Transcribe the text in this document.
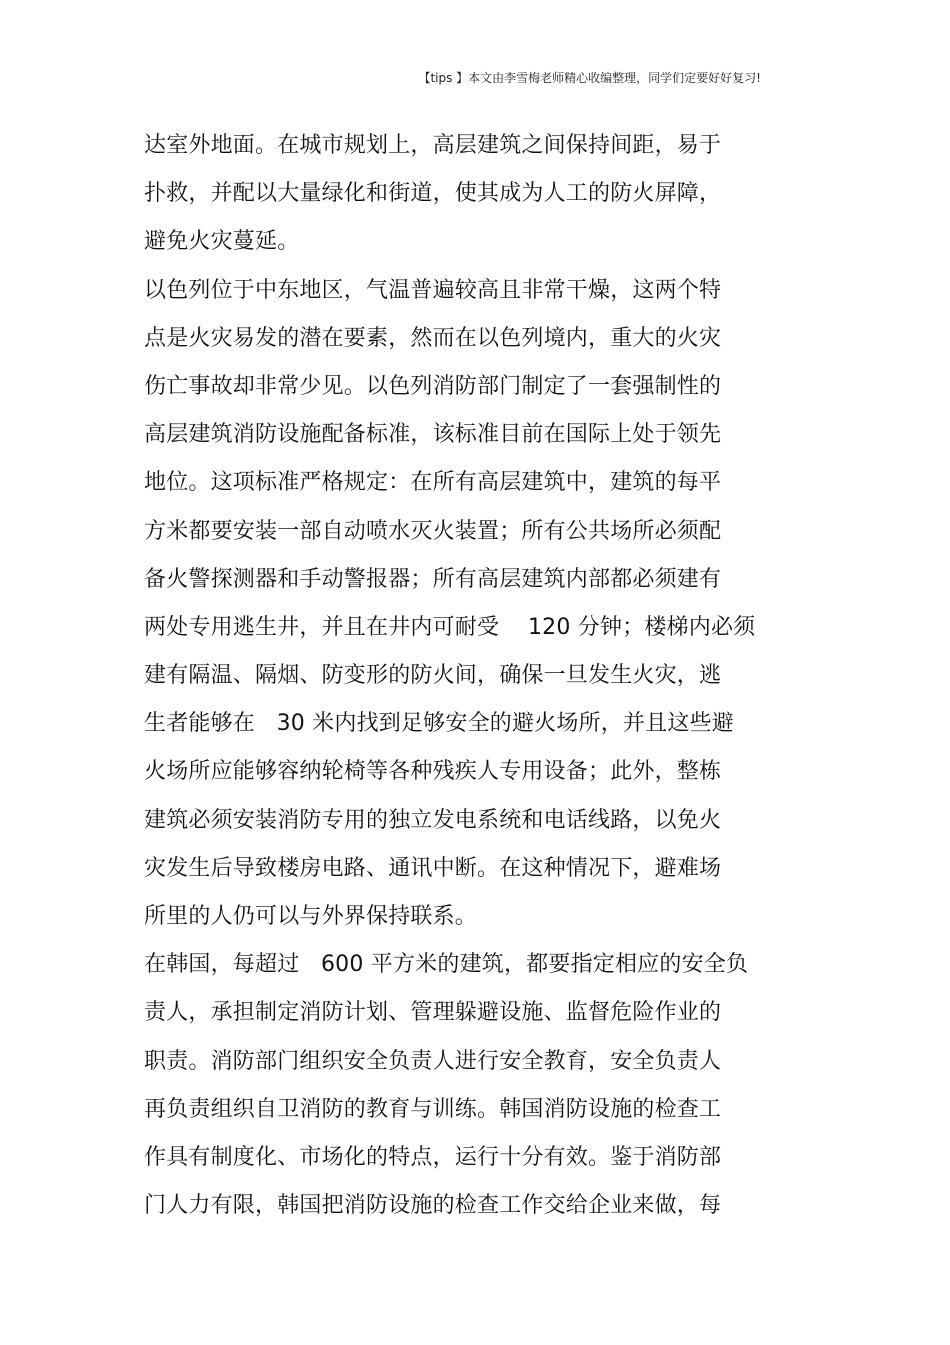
【tips 】本文由李雪梅老师精心收编整理，同学们定要好好复习!
达室外地面。在城市规划上，高层建筑之间保持间距，易于
扑救，并配以大量绿化和街道，使其成为人工的防火屏障，
避免火灾蔓延。
以色列位于中东地区，气温普遍较高且非常干燥，这两个特
点是火灾易发的潜在要素，然而在以色列境内，重大的火灾
伤亡事故却非常少见。以色列消防部门制定了一套强制性的
高层建筑消防设施配备标准，该标准目前在国际上处于领先
地位。这项标准严格规定：在所有高层建筑中，建筑的每平
方米都要安装一部自动喷水灭火装置；所有公共场所必须配
备火警探测器和手动警报器；所有高层建筑内部都必须建有
两处专用逃生井，并且在井内可耐受    120 分钟；楼梯内必须
建有隔温、隔烟、防变形的防火间，确保一旦发生火灾，逃
生者能够在   30 米内找到足够安全的避火场所，并且这些避
火场所应能够容纳轮椅等各种残疾人专用设备；此外，整栋
建筑必须安装消防专用的独立发电系统和电话线路，以免火
灾发生后导致楼房电路、通讯中断。在这种情况下，避难场
所里的人仍可以与外界保持联系。
在韩国，每超过   600 平方米的建筑，都要指定相应的安全负
责人，承担制定消防计划、管理躲避设施、监督危险作业的
职责。消防部门组织安全负责人进行安全教育，安全负责人
再负责组织自卫消防的教育与训练。韩国消防设施的检查工
作具有制度化、市场化的特点，运行十分有效。鉴于消防部
门人力有限，韩国把消防设施的检查工作交给企业来做，每
